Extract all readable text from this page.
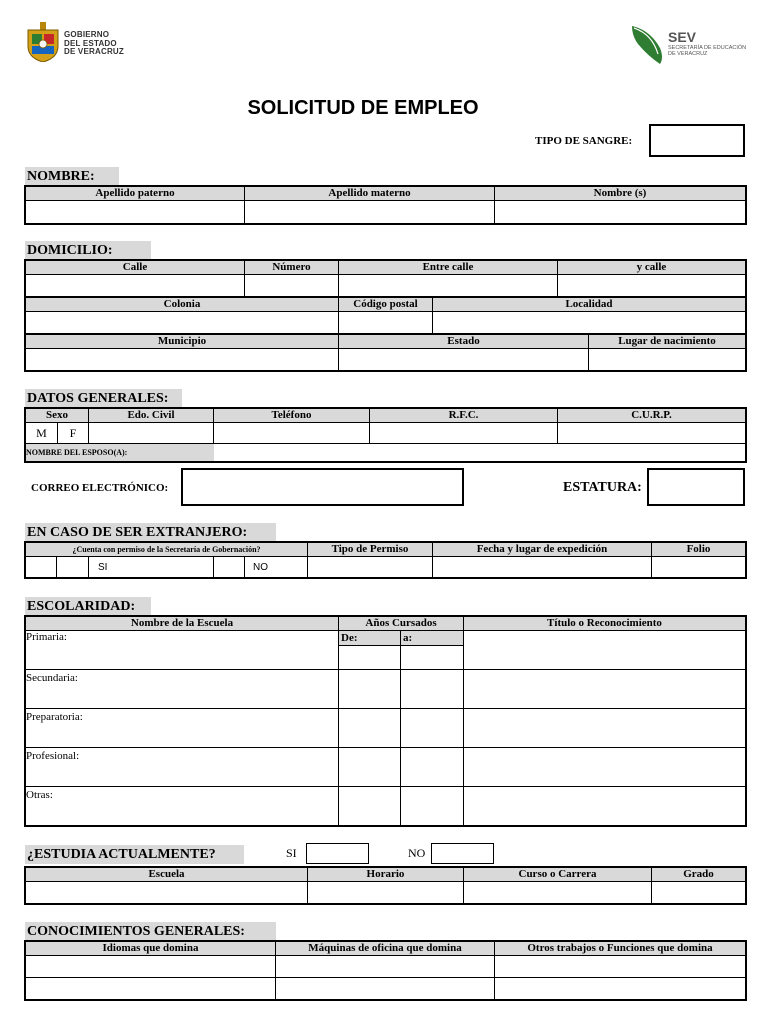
GOBIERNO
DEL ESTADO
DE VERACRUZ
SEV
SECRETARÍA DE EDUCACIÓN
DE VERACRUZ
SOLICITUD DE EMPLEO
TIPO DE SANGRE:
NOMBRE:
Apellido paterno	Apellido materno	Nombre (s)

DOMICILIO:
Calle	Número	Entre calle	y calle

Colonia	Código postal	Localidad

Municipio	Estado	Lugar de nacimiento

DATOS GENERALES:
Sexo		Edo. Civil	Teléfono	R.F.C.	C.U.R.P.
M	F				
NOMBRE DEL ESPOSO(A):					
CORREO ELECTRÓNICO:	ESTATURA:
EN CASO DE SER EXTRANJERO:
¿Cuenta con permiso de la Secretaría de Gobernación?					Tipo de Permiso	Fecha y lugar de expedición	Folio
		SI		NO			
ESCOLARIDAD:
Nombre de la Escuela	Años Cursados		Título o Reconocimiento
Primaria:	De:	a:	

Secundaria:			
Preparatoria:			
Profesional:			
Otras:			
¿ESTUDIA ACTUALMENTE?	SI	NO
Escuela	Horario	Curso o Carrera	Grado

CONOCIMIENTOS GENERALES:
Idiomas que domina	Máquinas de oficina que domina	Otros trabajos o Funciones que domina
